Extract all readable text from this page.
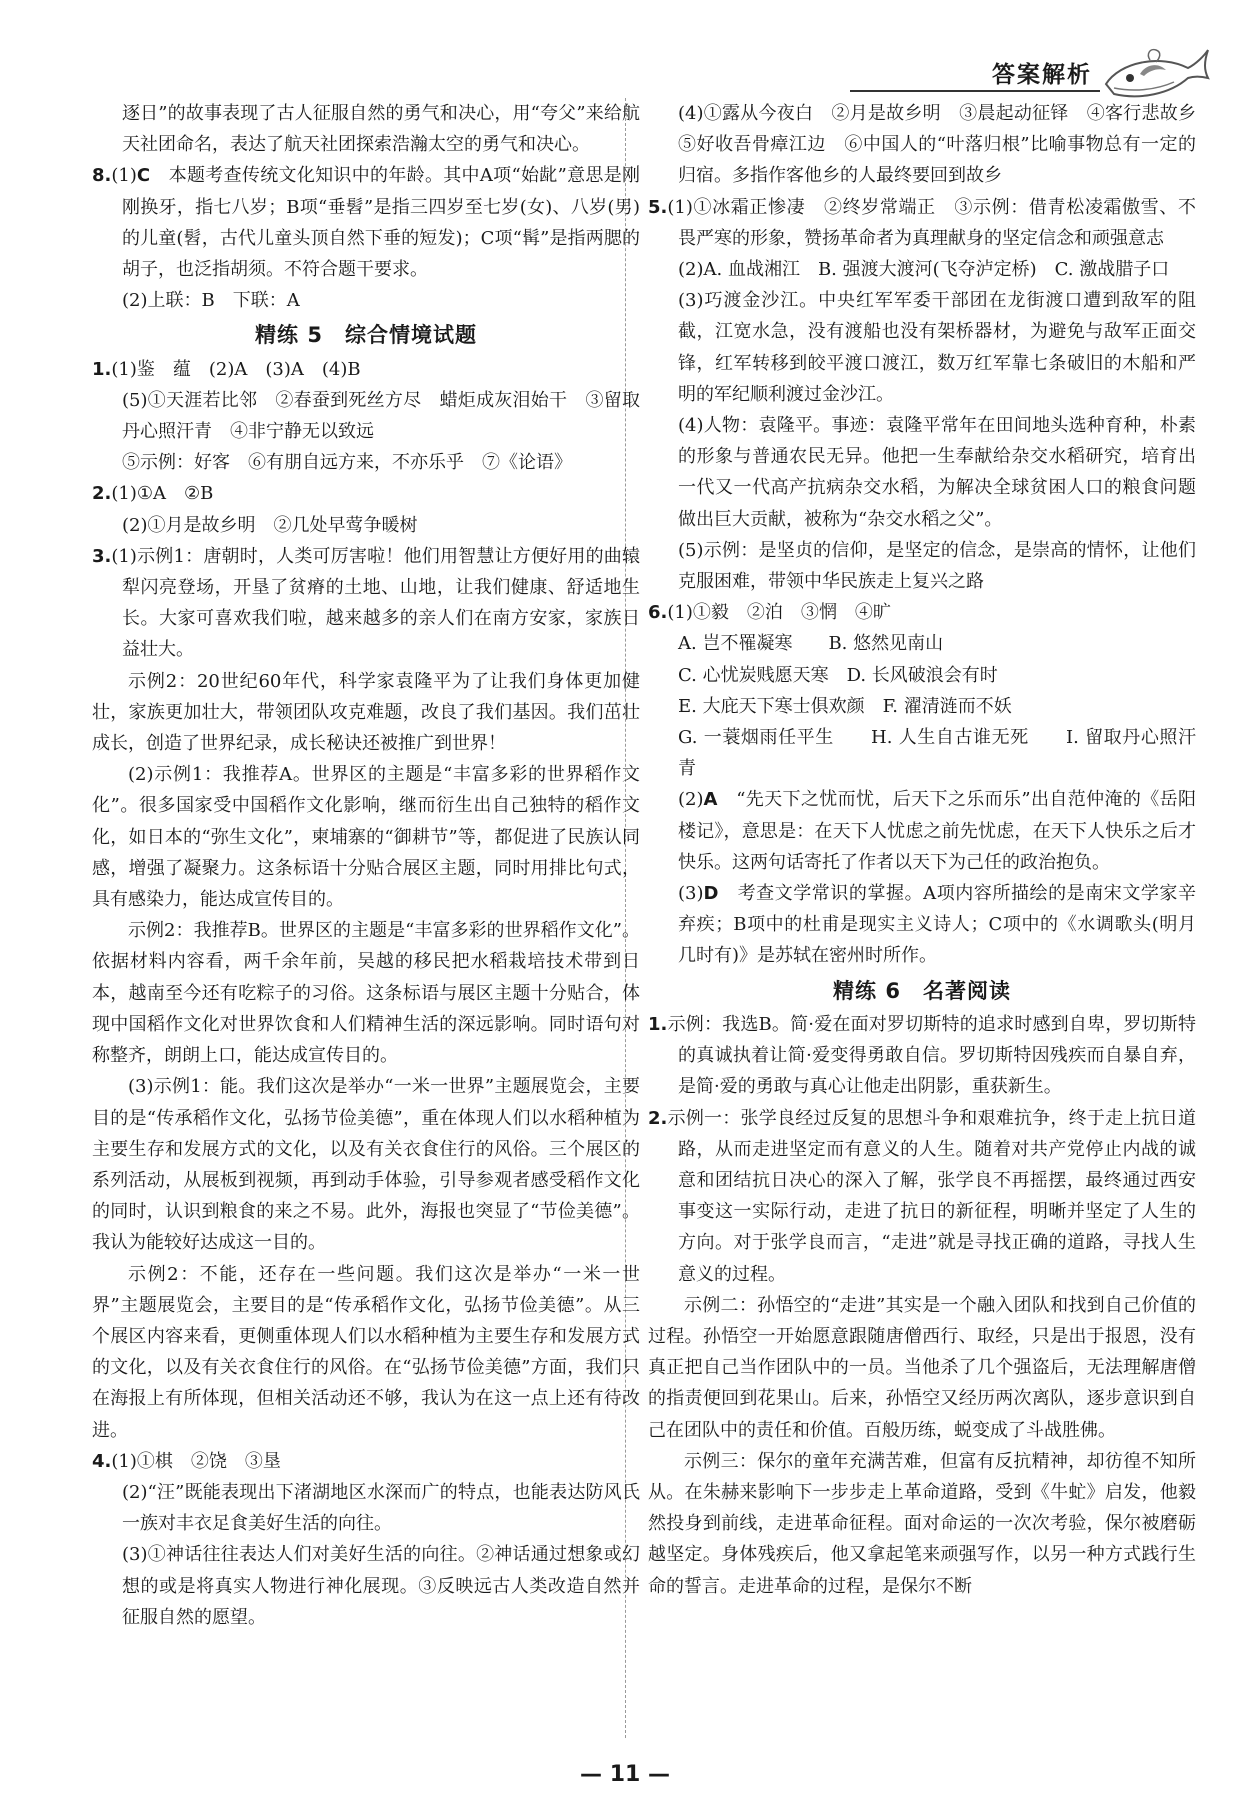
答案解析

逐日”的故事表现了古人征服自然的勇气和决心，用“夸父”来给航天社团命名，表达了航天社团探索浩瀚太空的勇气和决心。

8.(1)C　本题考查传统文化知识中的年龄。其中A项“始龀”意思是刚刚换牙，指七八岁；B项“垂髫”是指三四岁至七岁(女)、八岁(男)的儿童(髫，古代儿童头顶自然下垂的短发)；C项“髯”是指两腮的胡子，也泛指胡须。不符合题干要求。

(2)上联：B　下联：A

精练 5　综合情境试题

1.(1)鉴　蕴　(2)A　(3)A　(4)B

(5)①天涯若比邻　②春蚕到死丝方尽　蜡炬成灰泪始干　③留取丹心照汗青　④非宁静无以致远

⑤示例：好客　⑥有朋自远方来，不亦乐乎　⑦《论语》

2.(1)①A　②B

(2)①月是故乡明　②几处早莺争暖树

3.(1)示例1：唐朝时，人类可厉害啦！他们用智慧让方便好用的曲辕犁闪亮登场，开垦了贫瘠的土地、山地，让我们健康、舒适地生长。大家可喜欢我们啦，越来越多的亲人们在南方安家，家族日益壮大。

示例2：20世纪60年代，科学家袁隆平为了让我们身体更加健壮，家族更加壮大，带领团队攻克难题，改良了我们基因。我们茁壮成长，创造了世界纪录，成长秘诀还被推广到世界！

(2)示例1：我推荐A。世界区的主题是“丰富多彩的世界稻作文化”。很多国家受中国稻作文化影响，继而衍生出自己独特的稻作文化，如日本的“弥生文化”，柬埔寨的“御耕节”等，都促进了民族认同感，增强了凝聚力。这条标语十分贴合展区主题，同时用排比句式，具有感染力，能达成宣传目的。

示例2：我推荐B。世界区的主题是“丰富多彩的世界稻作文化”。依据材料内容看，两千余年前，吴越的移民把水稻栽培技术带到日本，越南至今还有吃粽子的习俗。这条标语与展区主题十分贴合，体现中国稻作文化对世界饮食和人们精神生活的深远影响。同时语句对称整齐，朗朗上口，能达成宣传目的。

(3)示例1：能。我们这次是举办“一米一世界”主题展览会，主要目的是“传承稻作文化，弘扬节俭美德”，重在体现人们以水稻种植为主要生存和发展方式的文化，以及有关衣食住行的风俗。三个展区的系列活动，从展板到视频，再到动手体验，引导参观者感受稻作文化的同时，认识到粮食的来之不易。此外，海报也突显了“节俭美德”。我认为能较好达成这一目的。

示例2：不能，还存在一些问题。我们这次是举办“一米一世界”主题展览会，主要目的是“传承稻作文化，弘扬节俭美德”。从三个展区内容来看，更侧重体现人们以水稻种植为主要生存和发展方式的文化，以及有关衣食住行的风俗。在“弘扬节俭美德”方面，我们只在海报上有所体现，但相关活动还不够，我认为在这一点上还有待改进。

4.(1)①棋　②饶　③垦

(2)“汪”既能表现出下渚湖地区水深而广的特点，也能表达防风氏一族对丰衣足食美好生活的向往。

(3)①神话往往表达人们对美好生活的向往。②神话通过想象或幻想的或是将真实人物进行神化展现。③反映远古人类改造自然并征服自然的愿望。

(4)①露从今夜白　②月是故乡明　③晨起动征铎　④客行悲故乡　⑤好收吾骨瘴江边　⑥中国人的“叶落归根”比喻事物总有一定的归宿。多指作客他乡的人最终要回到故乡

5.(1)①冰霜正惨凄　②终岁常端正　③示例：借青松凌霜傲雪、不畏严寒的形象，赞扬革命者为真理献身的坚定信念和顽强意志

(2)A. 血战湘江　B. 强渡大渡河(飞夺泸定桥)　C. 激战腊子口

(3)巧渡金沙江。中央红军军委干部团在龙街渡口遭到敌军的阻截，江宽水急，没有渡船也没有架桥器材，为避免与敌军正面交锋，红军转移到皎平渡口渡江，数万红军靠七条破旧的木船和严明的军纪顺利渡过金沙江。

(4)人物：袁隆平。事迹：袁隆平常年在田间地头选种育种，朴素的形象与普通农民无异。他把一生奉献给杂交水稻研究，培育出一代又一代高产抗病杂交水稻，为解决全球贫困人口的粮食问题做出巨大贡献，被称为“杂交水稻之父”。

(5)示例：是坚贞的信仰，是坚定的信念，是崇高的情怀，让他们克服困难，带领中华民族走上复兴之路

6.(1)①毅　②泊　③惘　④旷

A. 岂不罹凝寒　　B. 悠然见南山

C. 心忧炭贱愿天寒　D. 长风破浪会有时

E. 大庇天下寒士俱欢颜　F. 濯清涟而不妖

G. 一蓑烟雨任平生　　H. 人生自古谁无死　　I. 留取丹心照汗青

(2)A　“先天下之忧而忧，后天下之乐而乐”出自范仲淹的《岳阳楼记》，意思是：在天下人忧虑之前先忧虑，在天下人快乐之后才快乐。这两句话寄托了作者以天下为己任的政治抱负。

(3)D　考查文学常识的掌握。A项内容所描绘的是南宋文学家辛弃疾；B项中的杜甫是现实主义诗人；C项中的《水调歌头(明月几时有)》是苏轼在密州时所作。

精练 6　名著阅读

1.示例：我选B。简·爱在面对罗切斯特的追求时感到自卑，罗切斯特的真诚执着让简·爱变得勇敢自信。罗切斯特因残疾而自暴自弃，是简·爱的勇敢与真心让他走出阴影，重获新生。

2.示例一：张学良经过反复的思想斗争和艰难抗争，终于走上抗日道路，从而走进坚定而有意义的人生。随着对共产党停止内战的诚意和团结抗日决心的深入了解，张学良不再摇摆，最终通过西安事变这一实际行动，走进了抗日的新征程，明晰并坚定了人生的方向。对于张学良而言，“走进”就是寻找正确的道路，寻找人生意义的过程。

示例二：孙悟空的“走进”其实是一个融入团队和找到自己价值的过程。孙悟空一开始愿意跟随唐僧西行、取经，只是出于报恩，没有真正把自己当作团队中的一员。当他杀了几个强盗后，无法理解唐僧的指责便回到花果山。后来，孙悟空又经历两次离队，逐步意识到自己在团队中的责任和价值。百般历练，蜕变成了斗战胜佛。

示例三：保尔的童年充满苦难，但富有反抗精神，却彷徨不知所从。在朱赫来影响下一步步走上革命道路，受到《牛虻》启发，他毅然投身到前线，走进革命征程。面对命运的一次次考验，保尔被磨砺越坚定。身体残疾后，他又拿起笔来顽强写作，以另一种方式践行生命的誓言。走进革命的过程，是保尔不断

— 11 —
